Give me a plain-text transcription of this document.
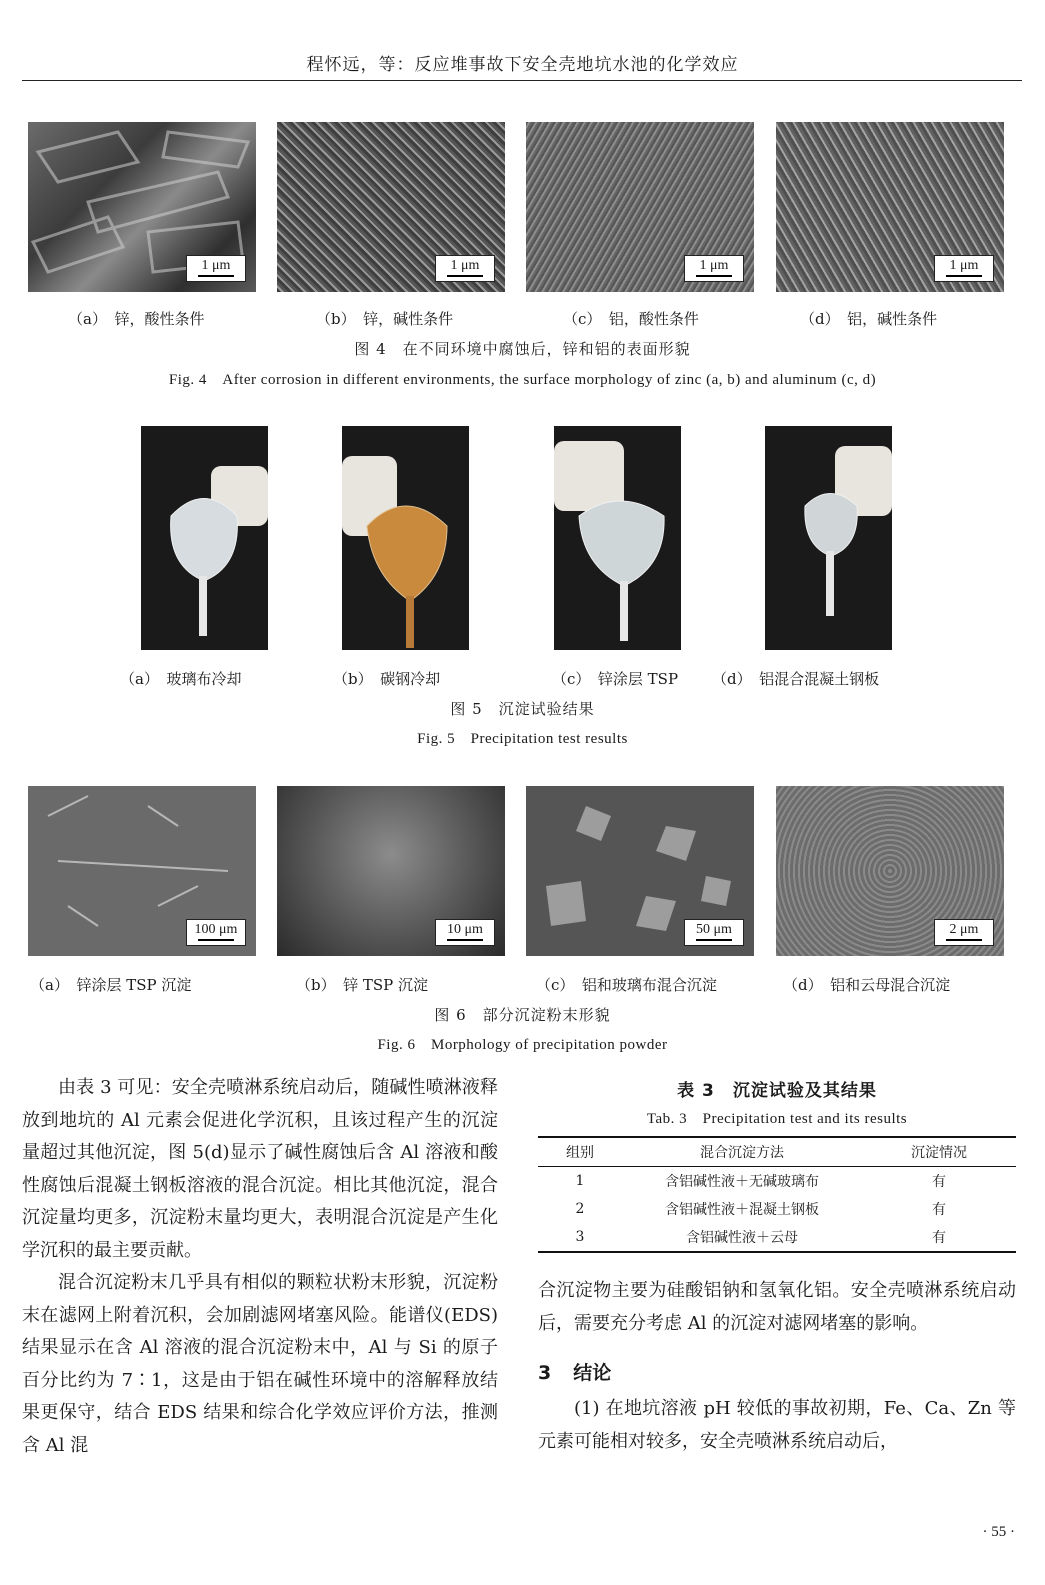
程怀远，等：反应堆事故下安全壳地坑水池的化学效应
1 μm	1 μm	1 μm	1 μm
（a）　锌，酸性条件	（b）　锌，碱性条件	（c）　铝，酸性条件	（d）　铝，碱性条件
图 4　在不同环境中腐蚀后，锌和铝的表面形貌
Fig. 4　After corrosion in different environments, the surface morphology of zinc (a, b) and aluminum (c, d)
（a）　玻璃布冷却	（b）　碳钢冷却	（c）　锌涂层 TSP （d）　铝混合混凝土钢板
图 5　沉淀试验结果
Fig. 5　Precipitation test results
100 μm	10 μm	50 μm	2 μm
（a）　锌涂层 TSP 沉淀	（b）　锌 TSP 沉淀	（c）　铝和玻璃布混合沉淀	（d）　铝和云母混合沉淀
图 6　部分沉淀粉末形貌
Fig. 6　Morphology of precipitation powder

由表 3 可见：安全壳喷淋系统启动后，随碱性喷淋液释放到地坑的 Al 元素会促进化学沉积，且该过程产生的沉淀量超过其他沉淀，图 5(d)显示了碱性腐蚀后含 Al 溶液和酸性腐蚀后混凝土钢板溶液的混合沉淀。相比其他沉淀，混合沉淀量均更多，沉淀粉末量均更大，表明混合沉淀是产生化学沉积的最主要贡献。

混合沉淀粉末几乎具有相似的颗粒状粉末形貌，沉淀粉末在滤网上附着沉积，会加剧滤网堵塞风险。能谱仪(EDS)结果显示在含 Al 溶液的混合沉淀粉末中，Al 与 Si 的原子百分比约为 7∶1，这是由于铝在碱性环境中的溶解释放结果更保守，结合 EDS 结果和综合化学效应评价方法，推测含 Al 混

表 3　沉淀试验及其结果
Tab. 3　Precipitation test and its results
组别	混合沉淀方法	沉淀情况
1	含铝碱性液＋无碱玻璃布	有
2	含铝碱性液＋混凝土钢板	有
3	含铝碱性液＋云母	有

合沉淀物主要为硅酸铝钠和氢氧化铝。安全壳喷淋系统启动后，需要充分考虑 Al 的沉淀对滤网堵塞的影响。

3 结论

(1) 在地坑溶液 pH 较低的事故初期，Fe、Ca、Zn 等元素可能相对较多，安全壳喷淋系统启动后，

· 55 ·
